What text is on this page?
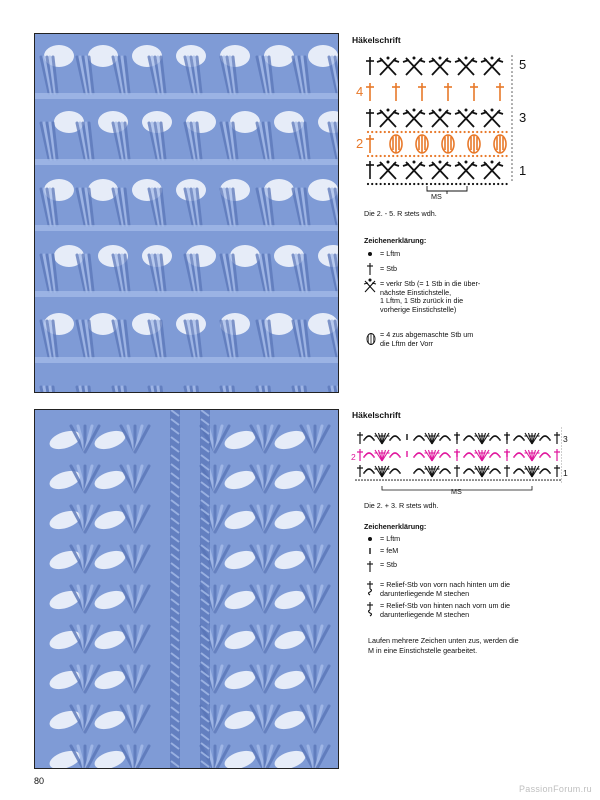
Häkelschrift
5
4
3
2
1
MS
Die 2. - 5. R stets wdh.
Zeichenerklärung:
= Lftm
= Stb
= verkr Stb (= 1 Stb in die über-
nächste Einstichstelle,
1 Lftm, 1 Stb zurück in die
vorherige Einstichstelle)
= 4 zus abgemaschte Stb um
die Lftm der Vorr
Häkelschrift
3
2
1
MS
Die 2. + 3. R stets wdh.
Zeichenerklärung:
= Lftm
= feM
= Stb
= Relief-Stb von vorn nach hinten um die
darunterliegende M stechen
= Relief-Stb von hinten nach vorn um die
darunterliegende M stechen
Laufen mehrere Zeichen unten zus, werden die
M in eine Einstichstelle gearbeitet.
80
PassionForum.ru
